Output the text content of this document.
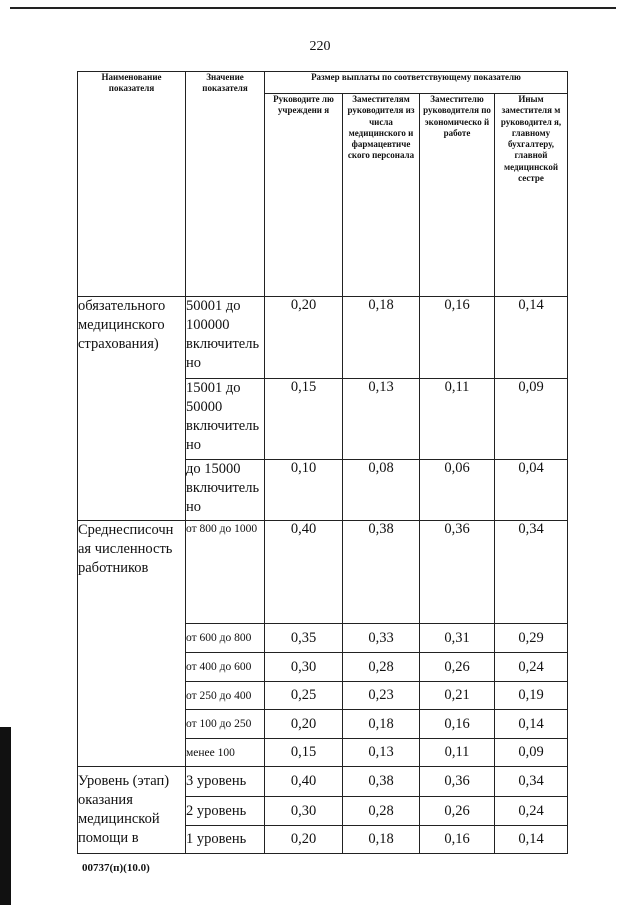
220
Наименование показателя	Значение показателя	Размер выплаты по соответствующему показателю			
		Руководите лю учреждени я	Заместителям руководителя из числа медицинского и фармацевтиче ского персонала	Заместителю руководителя по экономическо й работе	Иным заместителя м руководител я, главному бухгалтеру, главной медицинской сестре
обязательного медицинского страхования)	50001 до 100000 включитель но	0,20	0,18	0,16	0,14
	15001 до 50000 включитель но	0,15	0,13	0,11	0,09
	до 15000 включитель но	0,10	0,08	0,06	0,04
Среднесписочн ая численность работников	от 800 до 1000	0,40	0,38	0,36	0,34
	от 600 до 800	0,35	0,33	0,31	0,29
	от 400 до 600	0,30	0,28	0,26	0,24
	от 250 до 400	0,25	0,23	0,21	0,19
	от 100 до 250	0,20	0,18	0,16	0,14
	менее 100	0,15	0,13	0,11	0,09
Уровень (этап) оказания медицинской помощи в	3 уровень	0,40	0,38	0,36	0,34
	2 уровень	0,30	0,28	0,26	0,24
	1 уровень	0,20	0,18	0,16	0,14
00737(п)(10.0)
